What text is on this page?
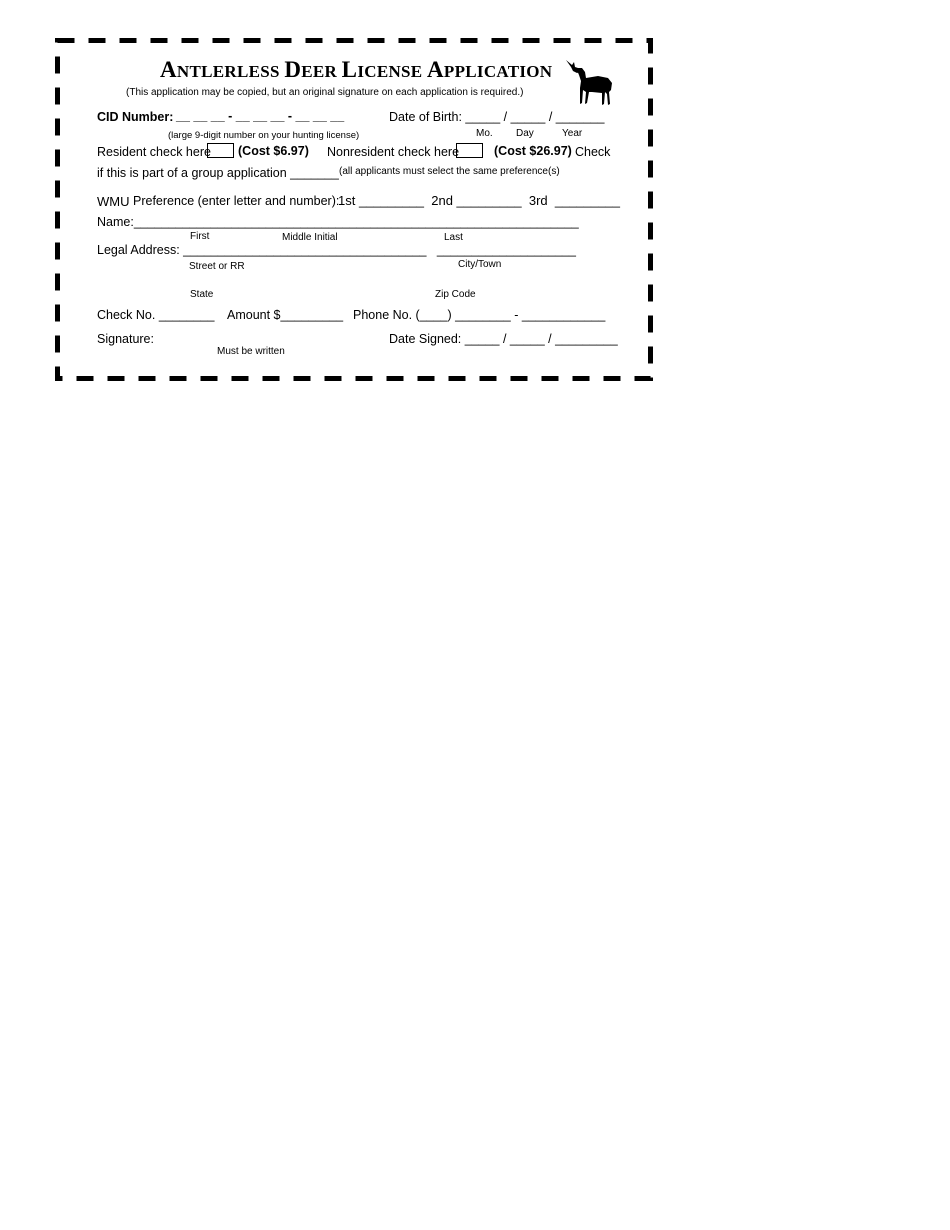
ANTLERLESS DEER LICENSE APPLICATION
(This application may be copied, but an original signature on each application is required.)
CID Number: __ __ __ - __ __ __ - __ __ __	Date of Birth: _____ / _____ / _______
(large 9-digit number on your hunting license)	Mo. Day	Year
Resident check here (Cost $6.97) Nonresident check here	(Cost $26.97) Check
if this is part of a group application _______ (all applicants must select the same preference(s)
WMU Preference (enter letter and number):
1st _________  2nd _________  3rd  _________
Name:________________________________________________________________
First	Middle Initial	Last
Legal Address: ___________________________________   ____________________
Street or RR	City/Town
State	Zip Code
Check No. ________ Amount $_________ Phone No. (____) ________ - ____________
Signature:
Must be written
Date Signed: _____ / _____ / _________
